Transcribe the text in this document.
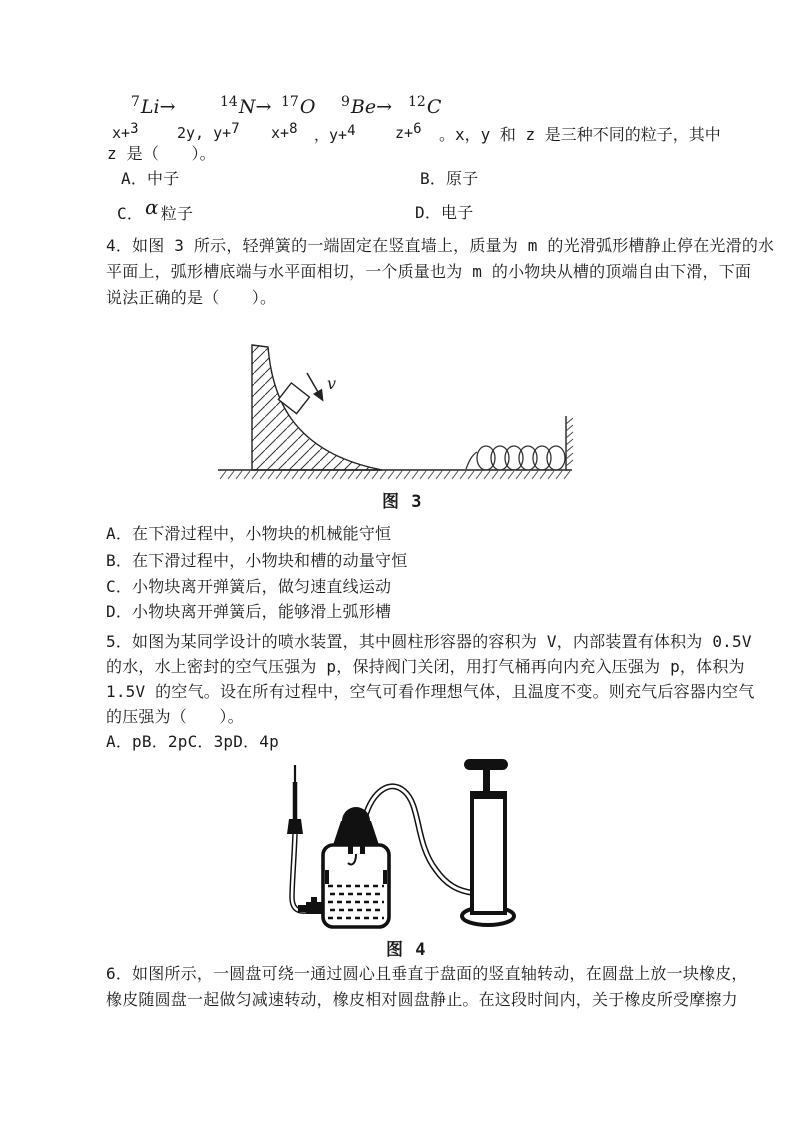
$^7$Li→	$^{14}$N→ $^{17}$O $^9$Be→ $^{12}$C
x+3	2y, y+7 x+8 ，y+4	z+6 。x，y 和 z 是三种不同的粒子，其中
z 是（　　）。
A．中子	B．原子
C． α 粒子	D．电子
4．如图 3 所示，轻弹簧的一端固定在竖直墙上，质量为 m 的光滑弧形槽静止停在光滑的水
平面上，弧形槽底端与水平面相切，一个质量也为 m 的小物块从槽的顶端自由下滑，下面
说法正确的是（　　）。
v
图 3
A．在下滑过程中，小物块的机械能守恒
B．在下滑过程中，小物块和槽的动量守恒
C．小物块离开弹簧后，做匀速直线运动
D．小物块离开弹簧后，能够滑上弧形槽
5．如图为某同学设计的喷水装置，其中圆柱形容器的容积为 V，内部装置有体积为 0.5V
的水，水上密封的空气压强为 p，保持阀门关闭，用打气桶再向内充入压强为 p，体积为
1.5V 的空气。设在所有过程中，空气可看作理想气体，且温度不变。则充气后容器内空气
的压强为（　　）。
A．pB．2pC．3pD．4p
图 4
6．如图所示，一圆盘可绕一通过圆心且垂直于盘面的竖直轴转动，在圆盘上放一块橡皮，
橡皮随圆盘一起做匀减速转动，橡皮相对圆盘静止。在这段时间内，关于橡皮所受摩擦力
